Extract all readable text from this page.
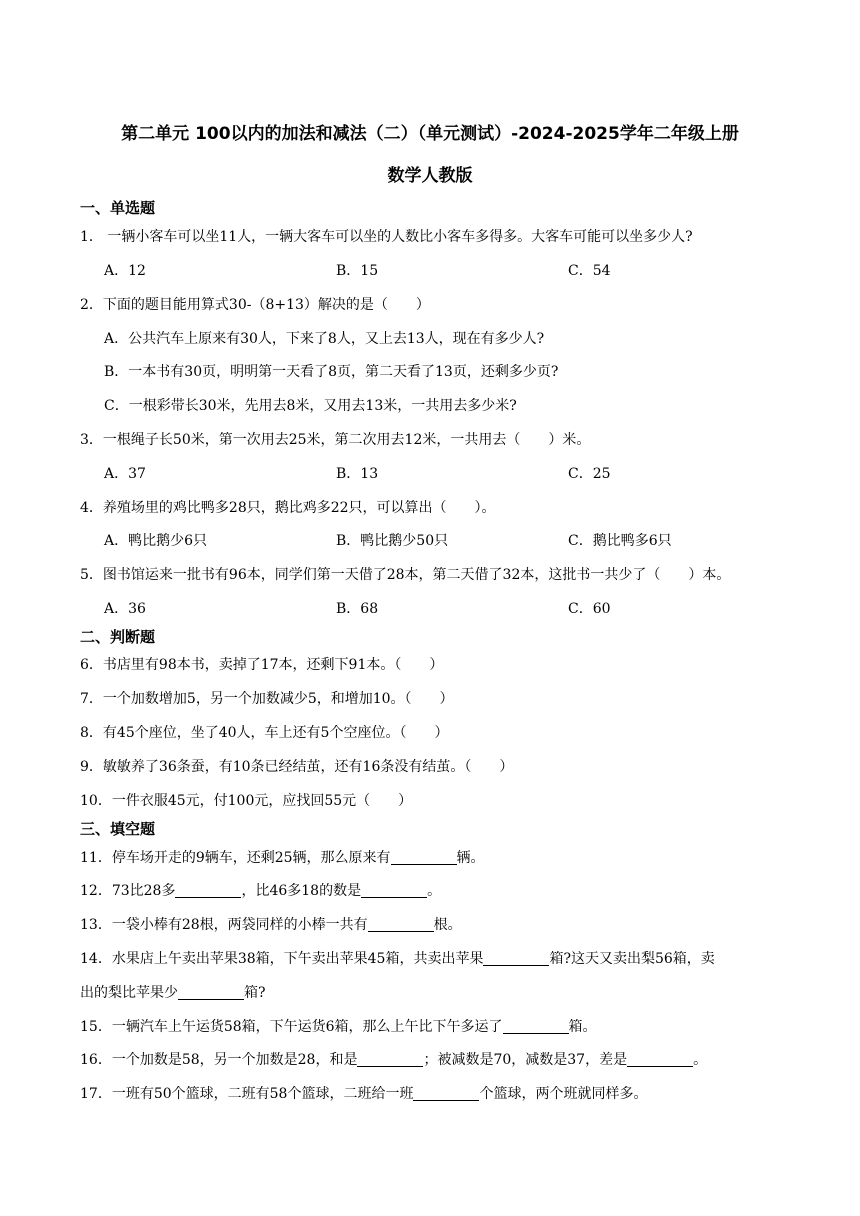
第二单元 100以内的加法和减法（二）（单元测试）-2024-2025学年二年级上册
数学人教版
一、单选题
1． 一辆小客车可以坐11人，一辆大客车可以坐的人数比小客车多得多。大客车可能可以坐多少人?
A．12	B．15	C．54
2．下面的题目能用算式30-（8+13）解决的是（　　）
A．公共汽车上原来有30人，下来了8人，又上去13人，现在有多少人?
B．一本书有30页，明明第一天看了8页，第二天看了13页，还剩多少页?
C．一根彩带长30米，先用去8米，又用去13米，一共用去多少米?
3．一根绳子长50米，第一次用去25米，第二次用去12米，一共用去（　　）米。
A．37	B．13	C．25
4．养殖场里的鸡比鸭多28只，鹅比鸡多22只，可以算出（　　）。
A．鸭比鹅少6只	B．鸭比鹅少50只	C．鹅比鸭多6只
5．图书馆运来一批书有96本，同学们第一天借了28本，第二天借了32本，这批书一共少了（　　）本。
A．36	B．68	C．60
二、判断题
6．书店里有98本书，卖掉了17本，还剩下91本。（　　）
7．一个加数增加5，另一个加数减少5，和增加10。（　　）
8．有45个座位，坐了40人，车上还有5个空座位。（　　）
9．敏敏养了36条蚕，有10条已经结茧，还有16条没有结茧。（　　）
10．一件衣服45元，付100元，应找回55元（　　）
三、填空题
11．停车场开走的9辆车，还剩25辆，那么原来有	辆。
12．73比28多	，比46多18的数是	。
13．一袋小棒有28根，两袋同样的小棒一共有	根。
14．水果店上午卖出苹果38箱，下午卖出苹果45箱，共卖出苹果	箱?这天又卖出梨56箱，卖
出的梨比苹果少	箱?
15．一辆汽车上午运货58箱，下午运货6箱，那么上午比下午多运了	箱。
16．一个加数是58，另一个加数是28，和是	；被减数是70，减数是37，差是	。
17．一班有50个篮球，二班有58个篮球，二班给一班	个篮球，两个班就同样多。
